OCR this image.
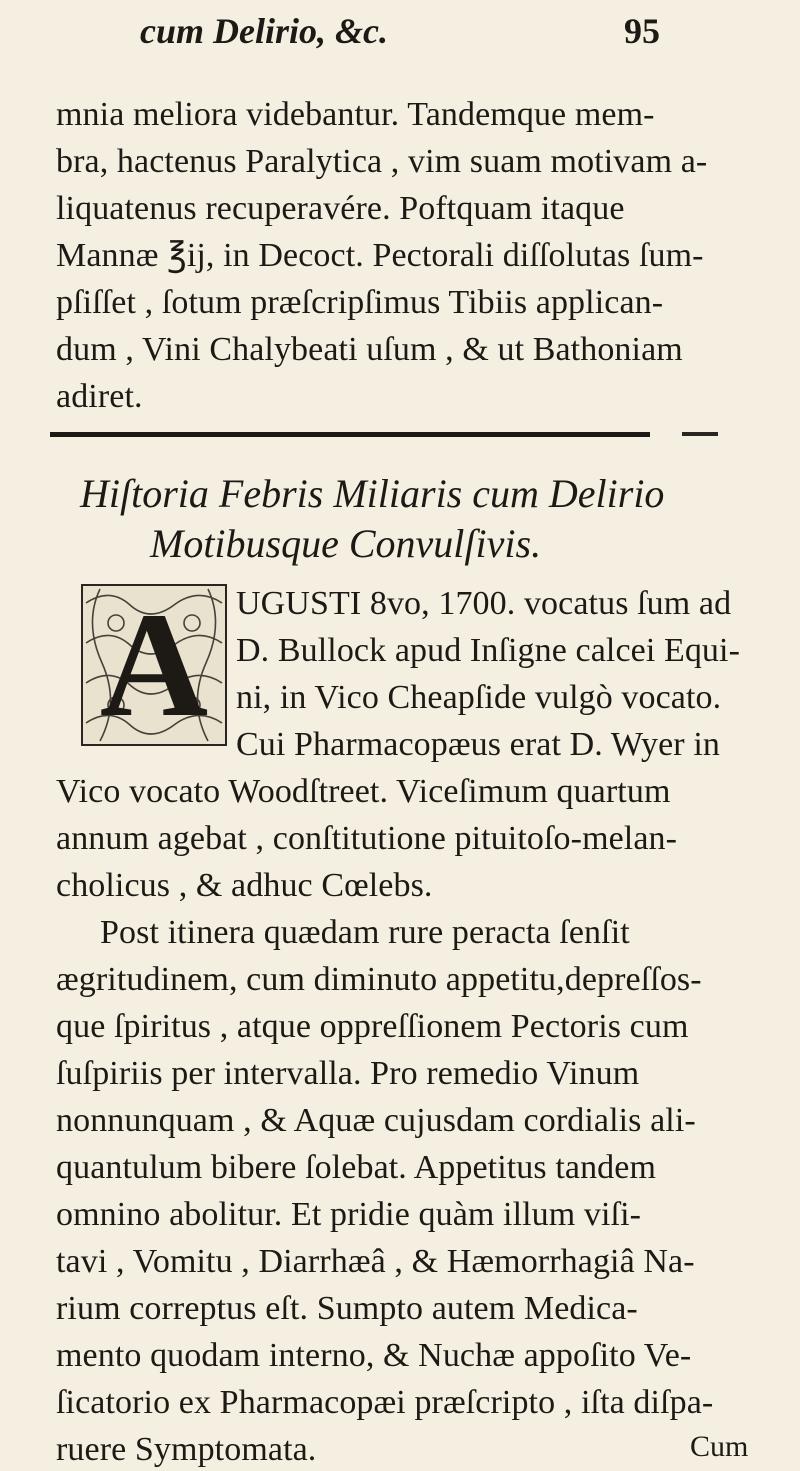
cum Delirio, &c.	95
mnia meliora videbantur. Tandemque mem-
bra, hactenus Paralytica , vim suam motivam a-
liquatenus recuperavére. Poftquam itaque
Mannæ ℥ij, in Decoct. Pectorali diſſolutas ſum-
pſiſſet , ſotum præſcripſimus Tibiis applican-
dum , Vini Chalybeati uſum , & ut Bathoniam
adiret.
Hiſtoria Febris Miliaris cum Delirio
Motibusque Convulſivis.
A UGUSTI 8vo, 1700. vocatus ſum ad
D. Bullock apud Inſigne calcei Equi-
ni, in Vico Cheapſide vulgò vocato.
Cui Pharmacopæus erat D. Wyer in
Vico vocato Woodſtreet. Viceſimum quartum
annum agebat , conſtitutione pituitoſo-melan-
cholicus , & adhuc Cœlebs.
Post itinera quædam rure peracta ſenſit
ægritudinem, cum diminuto appetitu,depreſſos-
que ſpiritus , atque oppreſſionem Pectoris cum
ſuſpiriis per intervalla. Pro remedio Vinum
nonnunquam , & Aquæ cujusdam cordialis ali-
quantulum bibere ſolebat. Appetitus tandem
omnino abolitur. Et pridie quàm illum viſi-
tavi , Vomitu , Diarrhæâ , & Hæmorrhagiâ Na-
rium correptus eſt. Sumpto autem Medica-
mento quodam interno, & Nuchæ appoſito Ve-
ſicatorio ex Pharmacopæi præſcripto , iſta diſpa-
ruere Symptomata.	Cum
